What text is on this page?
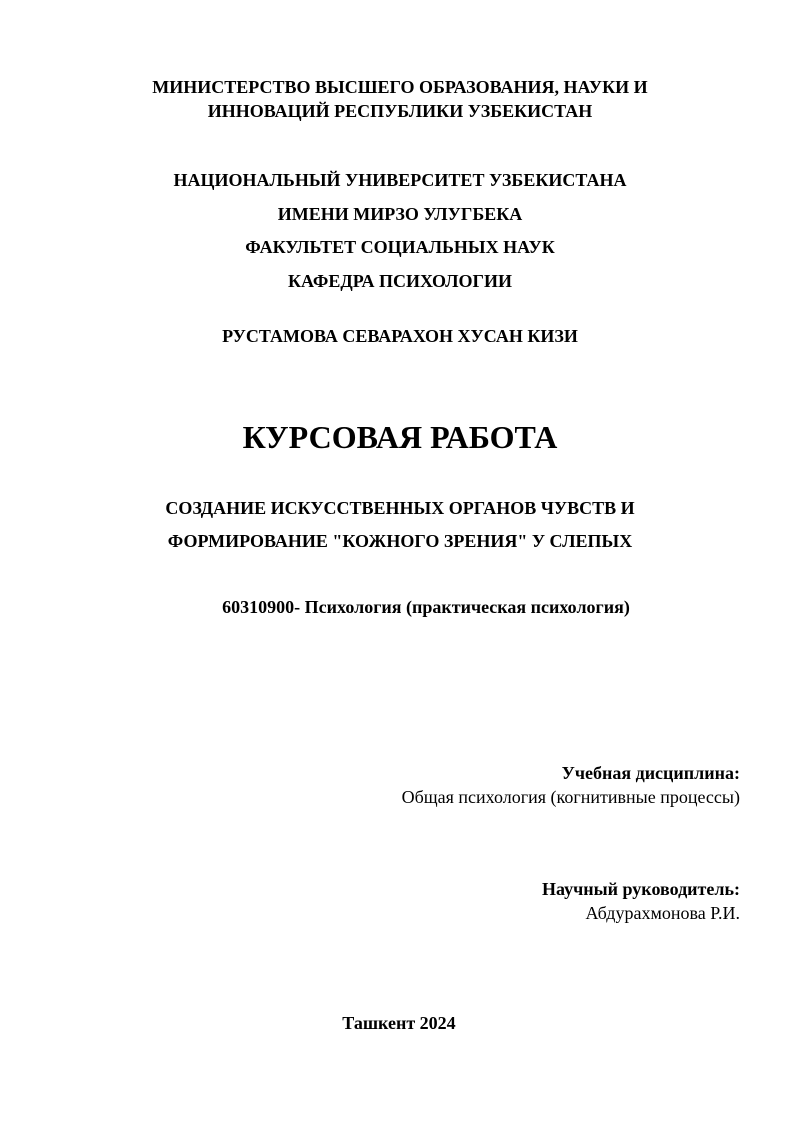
МИНИСТЕРСТВО ВЫСШЕГО ОБРАЗОВАНИЯ, НАУКИ И
ИННОВАЦИЙ РЕСПУБЛИКИ УЗБЕКИСТАН
НАЦИОНАЛЬНЫЙ УНИВЕРСИТЕТ УЗБЕКИСТАНА
ИМЕНИ МИРЗО УЛУГБЕКА
ФАКУЛЬТЕТ СОЦИАЛЬНЫХ НАУК
КАФЕДРА ПСИХОЛОГИИ
РУСТАМОВА СЕВАРАХОН ХУСАН КИЗИ
КУРСОВАЯ РАБОТА
СОЗДАНИЕ ИСКУССТВЕННЫХ ОРГАНОВ ЧУВСТВ И
ФОРМИРОВАНИЕ "КОЖНОГО ЗРЕНИЯ" У СЛЕПЫХ
60310900- Психология (практическая психология)
Учебная дисциплина:
Общая психология (когнитивные процессы)
Научный руководитель:
Абдурахмонова Р.И.
Ташкент 2024
